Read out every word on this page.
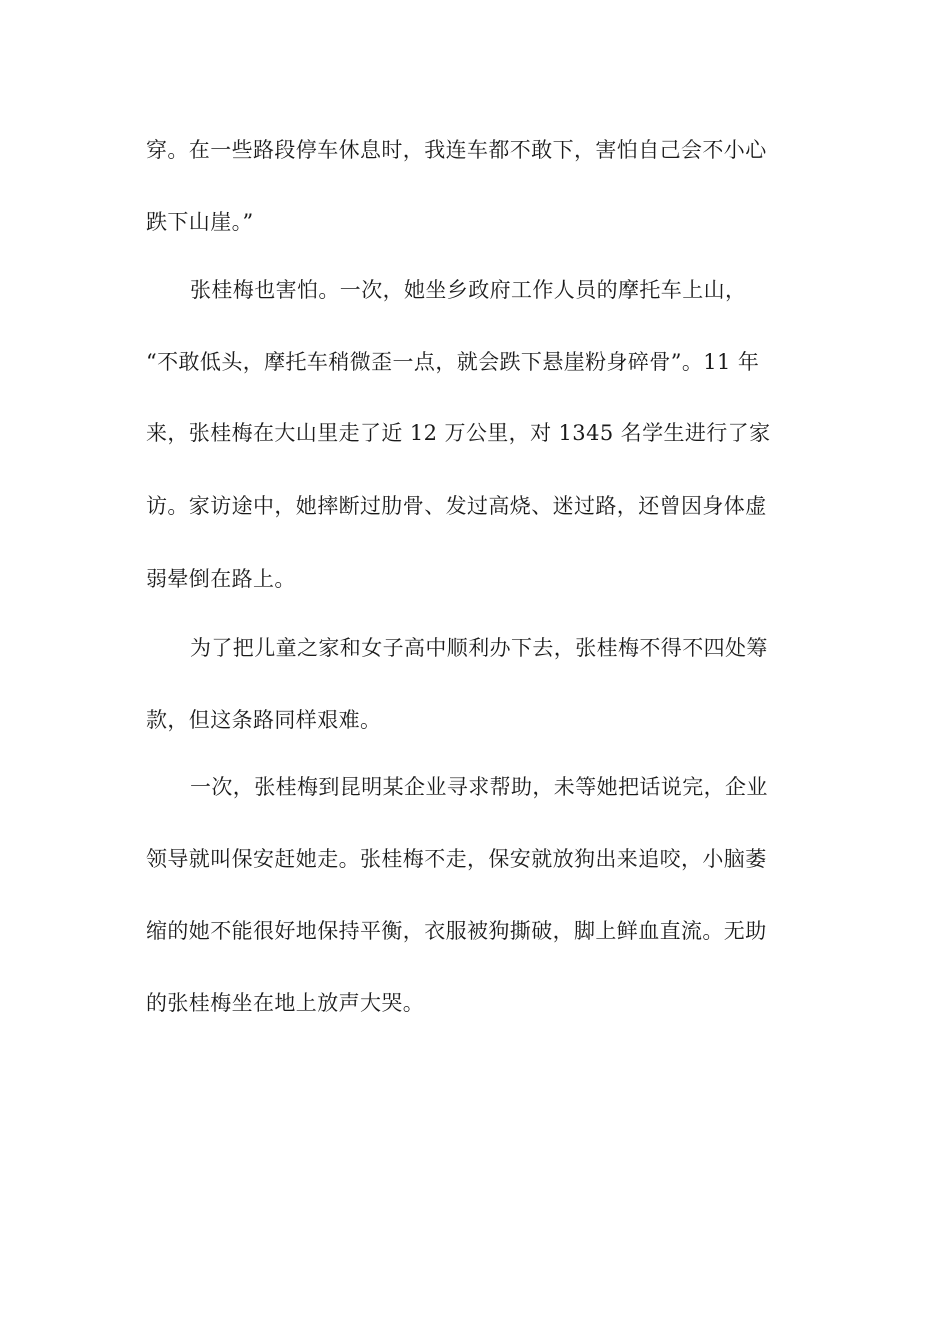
穿。在一些路段停车休息时，我连车都不敢下，害怕自己会不小心
跌下山崖。”
张桂梅也害怕。一次，她坐乡政府工作人员的摩托车上山，
“不敢低头，摩托车稍微歪一点，就会跌下悬崖粉身碎骨”。11 年
来，张桂梅在大山里走了近 12 万公里，对 1345 名学生进行了家
访。家访途中，她摔断过肋骨、发过高烧、迷过路，还曾因身体虚
弱晕倒在路上。
为了把儿童之家和女子高中顺利办下去，张桂梅不得不四处筹
款，但这条路同样艰难。
一次，张桂梅到昆明某企业寻求帮助，未等她把话说完，企业
领导就叫保安赶她走。张桂梅不走，保安就放狗出来追咬，小脑萎
缩的她不能很好地保持平衡，衣服被狗撕破，脚上鲜血直流。无助
的张桂梅坐在地上放声大哭。
